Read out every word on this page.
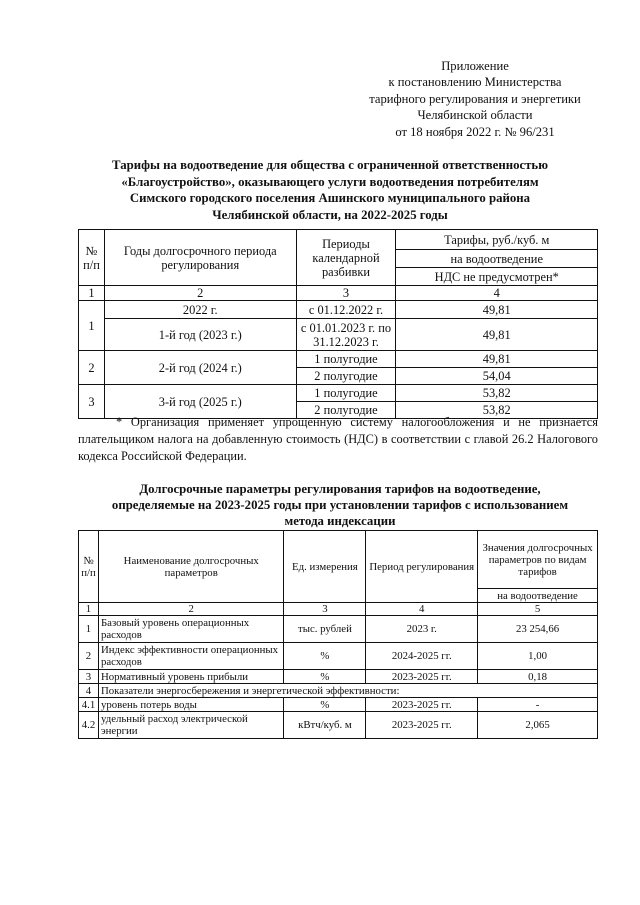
Приложение
к постановлению Министерства
тарифного регулирования и энергетики
Челябинской области
от 18 ноября 2022 г. № 96/231
Тарифы на водоотведение для общества с ограниченной ответственностью
«Благоустройство», оказывающего услуги водоотведения потребителям
Симского городского поселения Ашинского муниципального района
Челябинской области, на 2022-2025 годы
№ п/п	Годы долгосрочного периода регулирования	Периоды календарной разбивки	Тарифы, руб./куб. м
			на водоотведение
			НДС не предусмотрен*
1	2	3	4
1	2022 г.	с 01.12.2022 г.	49,81
	1-й год (2023 г.)	с 01.01.2023 г. по 31.12.2023 г.	49,81
2	2-й год (2024 г.)	1 полугодие	49,81
		2 полугодие	54,04
3	3-й год (2025 г.)	1 полугодие	53,82
		2 полугодие	53,82
* Организация применяет упрощенную систему налогообложения и не признается плательщиком налога на добавленную стоимость (НДС) в соответствии с главой 26.2 Налогового кодекса Российской Федерации.
Долгосрочные параметры регулирования тарифов на водоотведение,
определяемые на 2023-2025 годы при установлении тарифов с использованием
метода индексации
№ п/п	Наименование долгосрочных параметров	Ед. измерения	Период регулирования	Значения долгосрочных параметров по видам тарифов
				на водоотведение
1	2	3	4	5
1	Базовый уровень операционных расходов	тыс. рублей	2023 г.	23 254,66
2	Индекс эффективности операционных расходов	%	2024-2025 гг.	1,00
3	Нормативный уровень прибыли	%	2023-2025 гг.	0,18
4	Показатели энергосбережения и энергетической эффективности:			
4.1	уровень потерь воды	%	2023-2025 гг.	-
4.2	удельный расход электрической энергии	кВтч/куб. м	2023-2025 гг.	2,065
